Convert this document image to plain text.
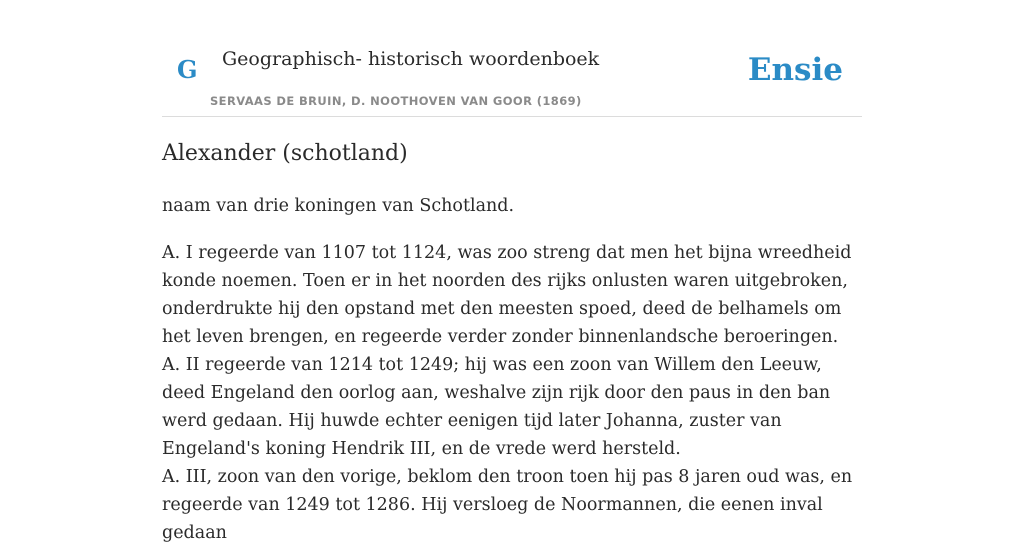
G Geographisch- historisch woordenboek
SERVAAS DE BRUIN, D. NOOTHOVEN VAN GOOR (1869)
Ensie
Alexander (schotland)

naam van drie koningen van Schotland.

A. I regeerde van 1107 tot 1124, was zoo streng dat men het bijna wreedheid konde noemen. Toen er in het noorden des rijks onlusten waren uitgebroken, onderdrukte hij den opstand met den meesten spoed, deed de belhamels om het leven brengen, en regeerde verder zonder binnenlandsche beroeringen.

A. II regeerde van 1214 tot 1249; hij was een zoon van Willem den Leeuw, deed Engeland den oorlog aan, weshalve zijn rijk door den paus in den ban werd gedaan. Hij huwde echter eenigen tijd later Johanna, zuster van Engeland's koning Hendrik III, en de vrede werd hersteld.

A. III, zoon van den vorige, beklom den troon toen hij pas 8 jaren oud was, en regeerde van 1249 tot 1286. Hij versloeg de Noormannen, die eenen inval gedaan
